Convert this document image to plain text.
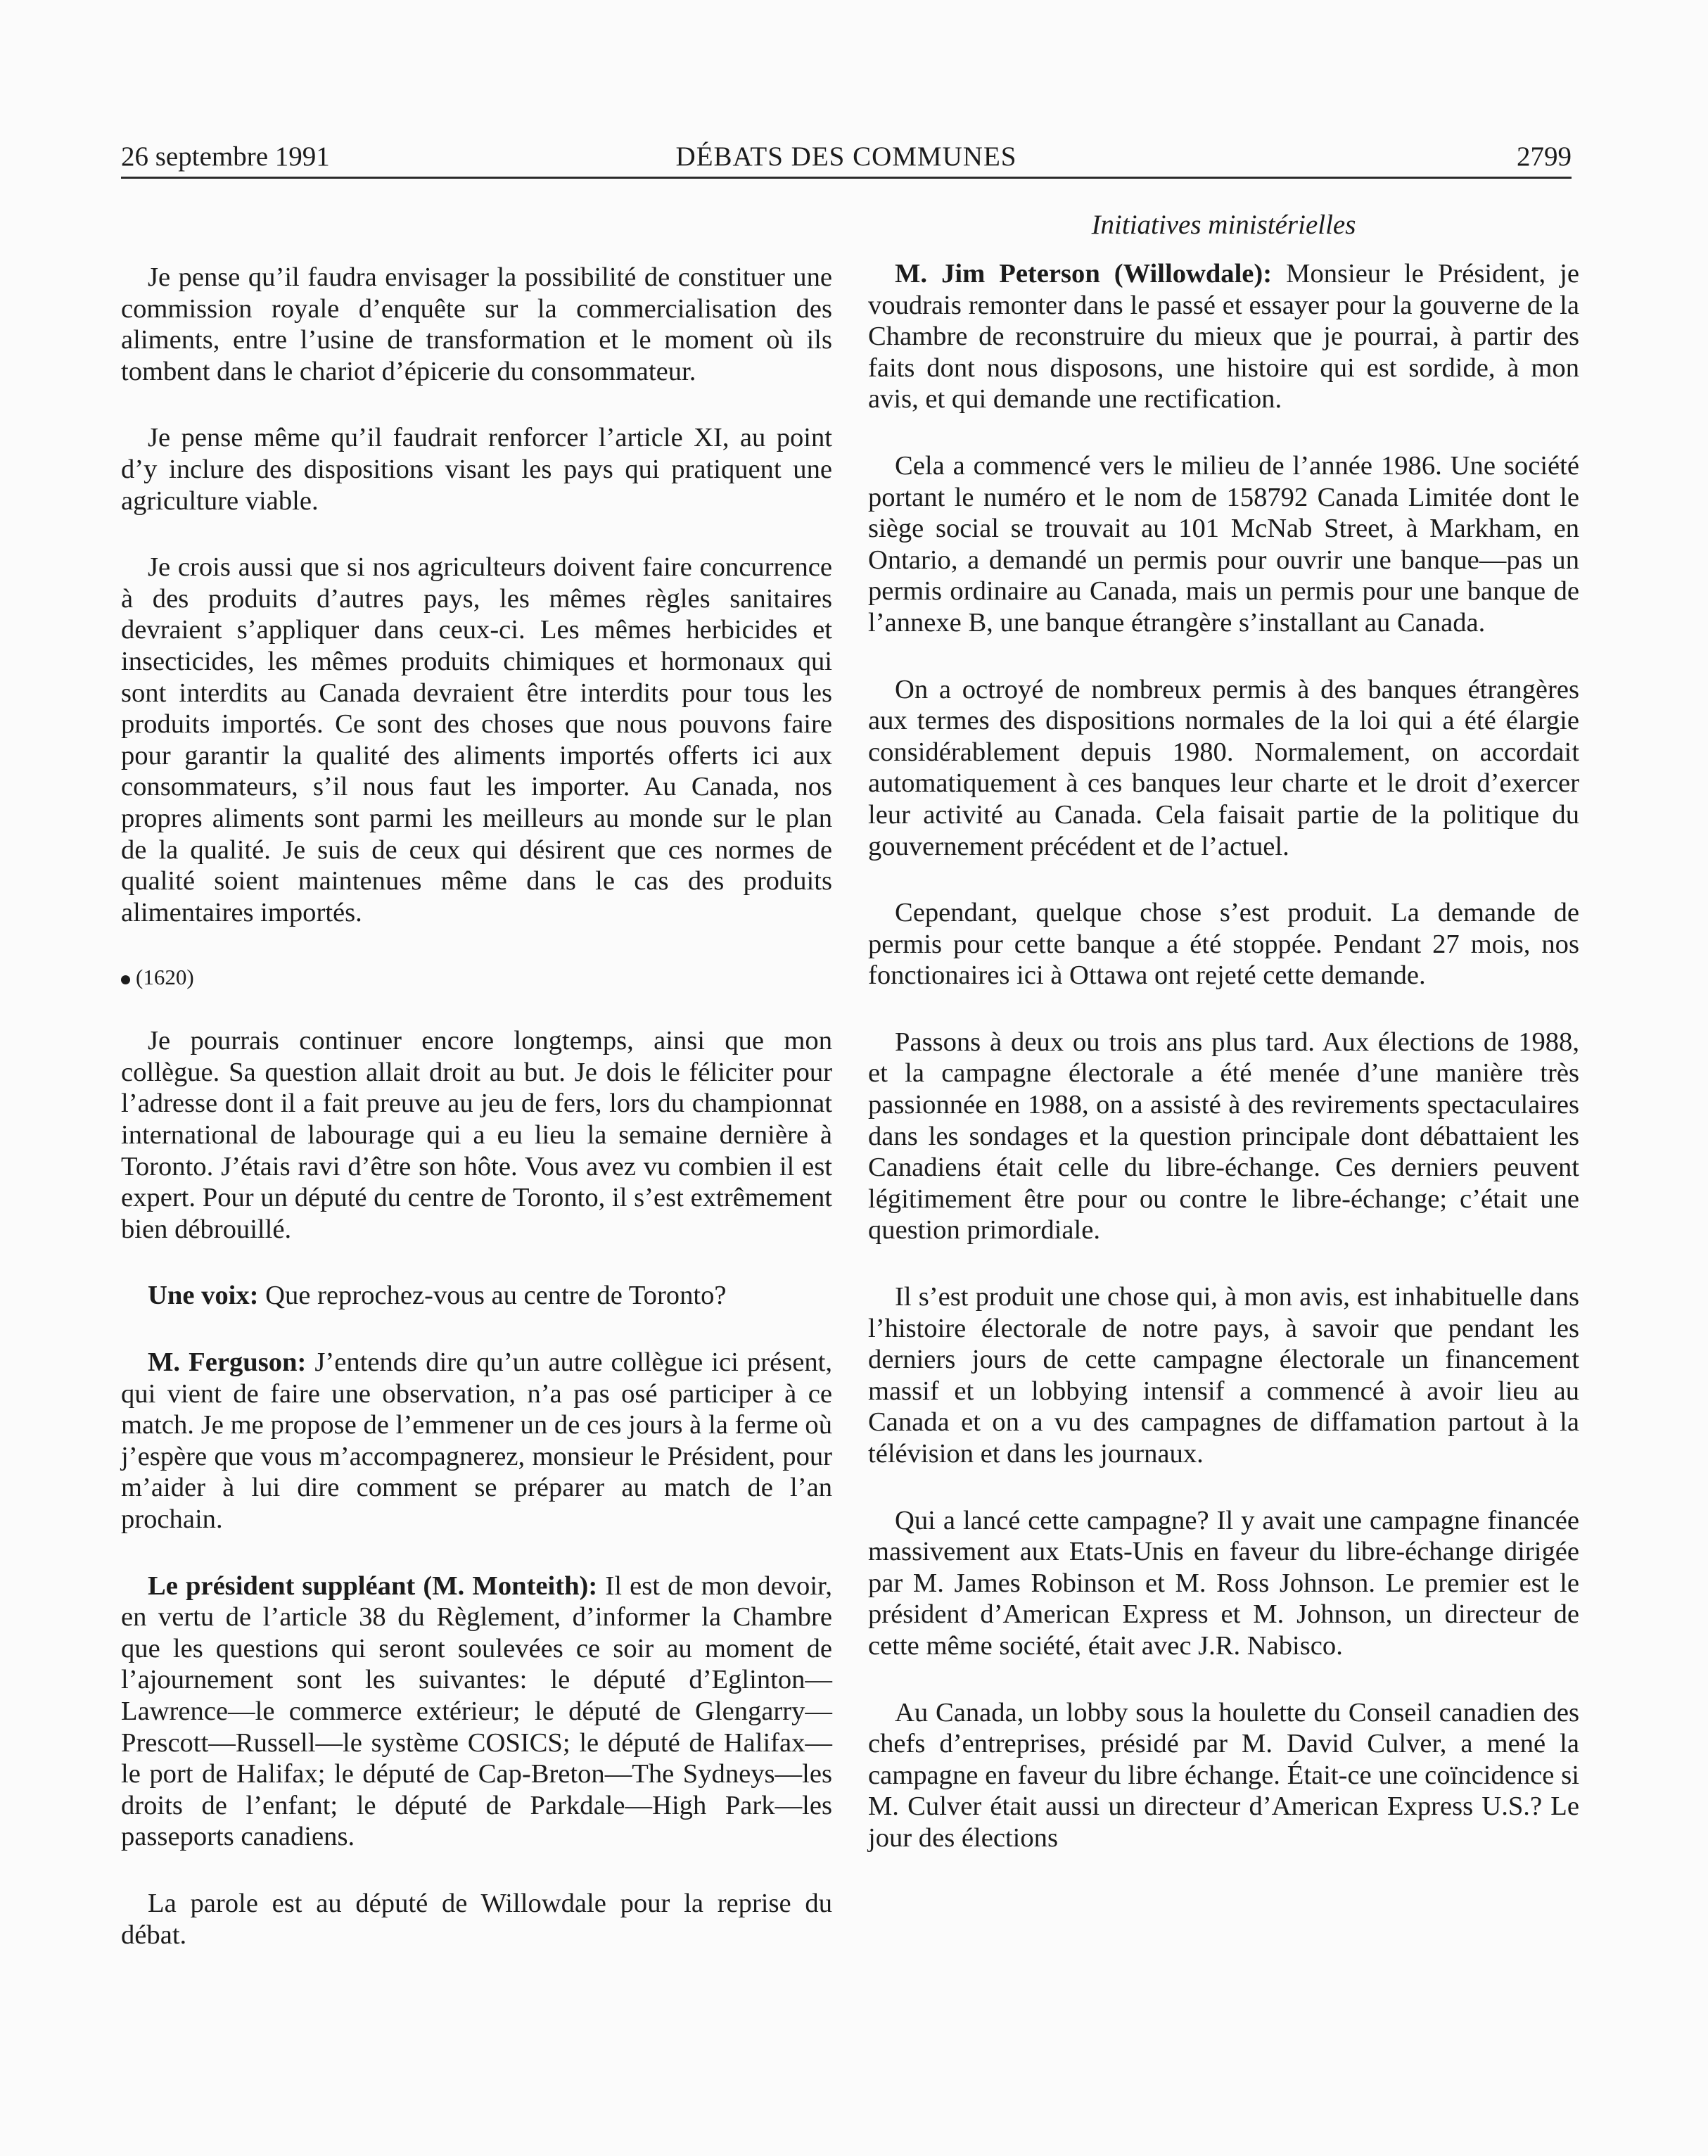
26 septembre 1991	DÉBATS DES COMMUNES	2799

Je pense qu’il faudra envisager la possibilité de constituer une commission royale d’enquête sur la commercialisation des aliments, entre l’usine de transformation et le moment où ils tombent dans le chariot d’épicerie du consommateur.

Je pense même qu’il faudrait renforcer l’article XI, au point d’y inclure des dispositions visant les pays qui pratiquent une agriculture viable.

Je crois aussi que si nos agriculteurs doivent faire concurrence à des produits d’autres pays, les mêmes règles sanitaires devraient s’appliquer dans ceux-ci. Les mêmes herbicides et insecticides, les mêmes produits chimiques et hormonaux qui sont interdits au Canada devraient être interdits pour tous les produits importés. Ce sont des choses que nous pouvons faire pour garantir la qualité des aliments importés offerts ici aux consommateurs, s’il nous faut les importer. Au Canada, nos propres aliments sont parmi les meilleurs au monde sur le plan de la qualité. Je suis de ceux qui désirent que ces normes de qualité soient maintenues même dans le cas des produits alimentaires importés.

(1620)

Je pourrais continuer encore longtemps, ainsi que mon collègue. Sa question allait droit au but. Je dois le féliciter pour l’adresse dont il a fait preuve au jeu de fers, lors du championnat international de labourage qui a eu lieu la semaine dernière à Toronto. J’étais ravi d’être son hôte. Vous avez vu combien il est expert. Pour un député du centre de Toronto, il s’est extrêmement bien débrouillé.

Une voix: Que reprochez-vous au centre de Toronto?

M. Ferguson: J’entends dire qu’un autre collègue ici présent, qui vient de faire une observation, n’a pas osé participer à ce match. Je me propose de l’emmener un de ces jours à la ferme où j’espère que vous m’accompagnerez, monsieur le Président, pour m’aider à lui dire comment se préparer au match de l’an prochain.

Le président suppléant (M. Monteith): Il est de mon devoir, en vertu de l’article 38 du Règlement, d’informer la Chambre que les questions qui seront soulevées ce soir au moment de l’ajournement sont les suivantes: le député d’Eglinton—Lawrence—le commerce extérieur; le député de Glengarry—Prescott—Russell—le système COSICS; le député de Halifax—le port de Halifax; le député de Cap-Breton—The Sydneys—les droits de l’enfant; le député de Parkdale—High Park—les passeports canadiens.

La parole est au député de Willowdale pour la reprise du débat.

Initiatives ministérielles

M. Jim Peterson (Willowdale): Monsieur le Président, je voudrais remonter dans le passé et essayer pour la gouverne de la Chambre de reconstruire du mieux que je pourrai, à partir des faits dont nous disposons, une histoire qui est sordide, à mon avis, et qui demande une rectification.

Cela a commencé vers le milieu de l’année 1986. Une société portant le numéro et le nom de 158792 Canada Limitée dont le siège social se trouvait au 101 McNab Street, à Markham, en Ontario, a demandé un permis pour ouvrir une banque—pas un permis ordinaire au Canada, mais un permis pour une banque de l’annexe B, une banque étrangère s’installant au Canada.

On a octroyé de nombreux permis à des banques étrangères aux termes des dispositions normales de la loi qui a été élargie considérablement depuis 1980. Normalement, on accordait automatiquement à ces banques leur charte et le droit d’exercer leur activité au Canada. Cela faisait partie de la politique du gouvernement précédent et de l’actuel.

Cependant, quelque chose s’est produit. La demande de permis pour cette banque a été stoppée. Pendant 27 mois, nos fonctionaires ici à Ottawa ont rejeté cette demande.

Passons à deux ou trois ans plus tard. Aux élections de 1988, et la campagne électorale a été menée d’une manière très passionnée en 1988, on a assisté à des revirements spectaculaires dans les sondages et la question principale dont débattaient les Canadiens était celle du libre-échange. Ces derniers peuvent légitimement être pour ou contre le libre-échange; c’était une question primordiale.

Il s’est produit une chose qui, à mon avis, est inhabituelle dans l’histoire électorale de notre pays, à savoir que pendant les derniers jours de cette campagne électorale un financement massif et un lobbying intensif a commencé à avoir lieu au Canada et on a vu des campagnes de diffamation partout à la télévision et dans les journaux.

Qui a lancé cette campagne? Il y avait une campagne financée massivement aux Etats-Unis en faveur du libre-échange dirigée par M. James Robinson et M. Ross Johnson. Le premier est le président d’American Express et M. Johnson, un directeur de cette même société, était avec J.R. Nabisco.

Au Canada, un lobby sous la houlette du Conseil canadien des chefs d’entreprises, présidé par M. David Culver, a mené la campagne en faveur du libre échange. Était-ce une coïncidence si M. Culver était aussi un directeur d’American Express U.S.? Le jour des élections
